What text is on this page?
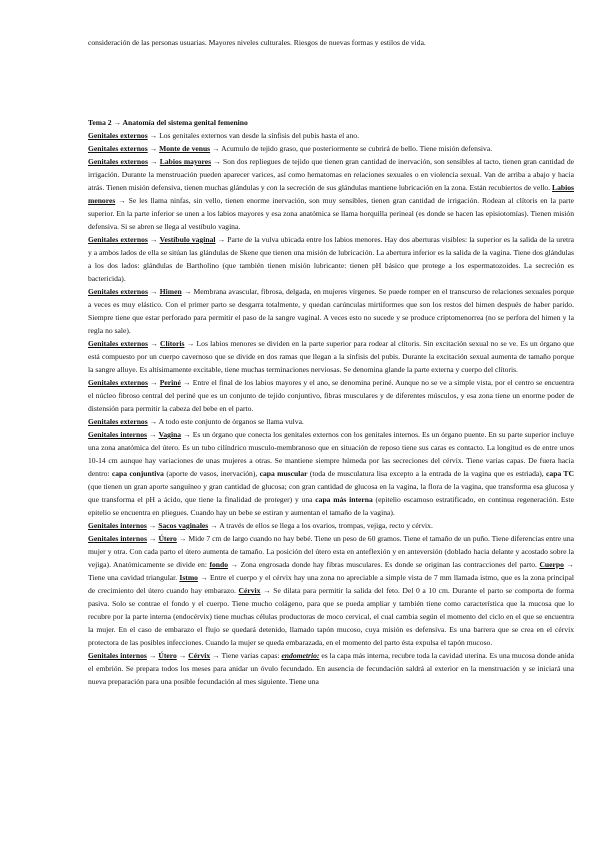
consideración de las personas usuarias. Mayores niveles culturales. Riesgos de nuevas formas y estilos de vida.

Tema 2 → Anatomía del sistema genital femenino

Genitales externos → Los genitales externos van desde la sínfisis del pubis hasta el ano.

Genitales externos → Monte de venus → Acumulo de tejido graso, que posteriormente se cubrirá de bello. Tiene misión defensiva.

Genitales externos → Labios mayores → Son dos repliegues de tejido que tienen gran cantidad de inervación, son sensibles al tacto, tienen gran cantidad de irrigación. Durante la menstruación pueden aparecer varices, así como hematomas en relaciones sexuales o en violencia sexual. Van de arriba a abajo y hacia atrás. Tienen misión defensiva, tienen muchas glándulas y con la secreción de sus glándulas mantiene lubricación en la zona. Están recubiertos de vello. Labios menores → Se les llama ninfas, sin vello, tienen enorme inervación, son muy sensibles, tienen gran cantidad de irrigación. Rodean al clítoris en la parte superior. En la parte inferior se unen a los labios mayores y esa zona anatómica se llama horquilla perineal (es donde se hacen las episiotomías). Tienen misión defensiva. Si se abren se llega al vestíbulo vagina.

Genitales externos → Vestíbulo vaginal → Parte de la vulva ubicada entre los labios menores. Hay dos aberturas visibles: la superior es la salida de la uretra y a ambos lados de ella se sitúan las glándulas de Skene que tienen una misión de lubricación. La abertura inferior es la salida de la vagina. Tiene dos glándulas a los dos lados: glándulas de Bartholino (que también tienen misión lubricante: tienen pH básico que protege a los espermatozoides. La secreción es bactericida).

Genitales externos → Himen → Membrana avascular, fibrosa, delgada, en mujeres vírgenes. Se puede romper en el transcurso de relaciones sexuales porque a veces es muy elástico. Con el primer parto se desgarra totalmente, y quedan carúnculas mirtiformes que son los restos del himen después de haber parido. Siempre tiene que estar perforado para permitir el paso de la sangre vaginal. A veces esto no sucede y se produce criptomenorrea (no se perfora del himen y la regla no sale).

Genitales externos → Clítoris → Los labios menores se dividen en la parte superior para rodear al clítoris. Sin excitación sexual no se ve. Es un órgano que está compuesto por un cuerpo cavernoso que se divide en dos ramas que llegan a la sínfisis del pubis. Durante la excitación sexual aumenta de tamaño porque la sangre alluye. Es altísimamente excitable, tiene muchas terminaciones nerviosas. Se denomina glande la parte externa y cuerpo del clítoris.

Genitales externos → Periné → Entre el final de los labios mayores y el ano, se denomina periné. Aunque no se ve a simple vista, por el centro se encuentra el núcleo fibroso central del periné que es un conjunto de tejido conjuntivo, fibras musculares y de diferentes músculos, y esa zona tiene un enorme poder de distensión para permitir la cabeza del bebe en el parto.

Genitales externos → A todo este conjunto de órganos se llama vulva.

Genitales internos → Vagina → Es un órgano que conecta los genitales externos con los genitales internos. Es un órgano puente. En su parte superior incluye una zona anatómica del útero. Es un tubo cilíndrico musculo-membranoso que en situación de reposo tiene sus caras es contacto. La longitud es de entre unos 10-14 cm aunque hay variaciones de unas mujeres a otras. Se mantiene siempre húmeda por las secreciones del cérvix. Tiene varias capas. De fuera hacia dentro: capa conjuntiva (aporte de vasos, inervación), capa muscular (toda de musculatura lisa excepto a la entrada de la vagina que es estriada), capa TC (que tienen un gran aporte sanguíneo y gran cantidad de glucosa; con gran cantidad de glucosa en la vagina, la flora de la vagina, que transforma esa glucosa y que transforma el pH a ácido, que tiene la finalidad de proteger) y una capa más interna (epitelio escamoso estratificado, en continua regeneración. Este epitelio se encuentra en pliegues. Cuando hay un bebe se estiran y aumentan el tamaño de la vagina).

Genitales internos → Sacos vaginales → A través de ellos se llega a los ovarios, trompas, vejiga, recto y cérvix.

Genitales internos → Útero → Mide 7 cm de largo cuando no hay bebé. Tiene un peso de 60 gramos. Tiene el tamaño de un puño. Tiene diferencias entre una mujer y otra. Con cada parto el útero aumenta de tamaño. La posición del útero esta en anteflexión y en anteversión (doblado hacia delante y acostado sobre la vejiga). Anatómicamente se divide en: fondo → Zona engrosada donde hay fibras musculares. Es donde se originan las contracciones del parto. Cuerpo → Tiene una cavidad triangular. Istmo → Entre el cuerpo y el cérvix hay una zona no apreciable a simple vista de 7 mm llamada istmo, que es la zona principal de crecimiento del útero cuando hay embarazo. Cérvix → Se dilata para permitir la salida del feto. Del 0 a 10 cm. Durante el parto se comporta de forma pasiva. Solo se contrae el fondo y el cuerpo. Tiene mucho colágeno, para que se pueda ampliar y también tiene como característica que la mucosa que lo recubre por la parte interna (endocérvix) tiene muchas células productoras de moco cervical, el cual cambia según el momento del ciclo en el que se encuentra la mujer. En el caso de embarazo el flujo se quedará detenido, llamado tapón mucoso, cuya misión es defensiva. Es una barrera que se crea en el cérvix protectora de las posibles infecciones. Cuando la mujer se queda embarazada, en el momento del parto ésta expulsa el tapón mucoso.

Genitales internos → Útero → Cérvix → Tiene varias capas: endometrio: es la capa más interna, recubre toda la cavidad uterina. Es una mucosa donde anida el embrión. Se prepara todos los meses para anidar un óvulo fecundado. En ausencia de fecundación saldrá al exterior en la menstruación y se iniciará una nueva preparación para una posible fecundación al mes siguiente. Tiene una
